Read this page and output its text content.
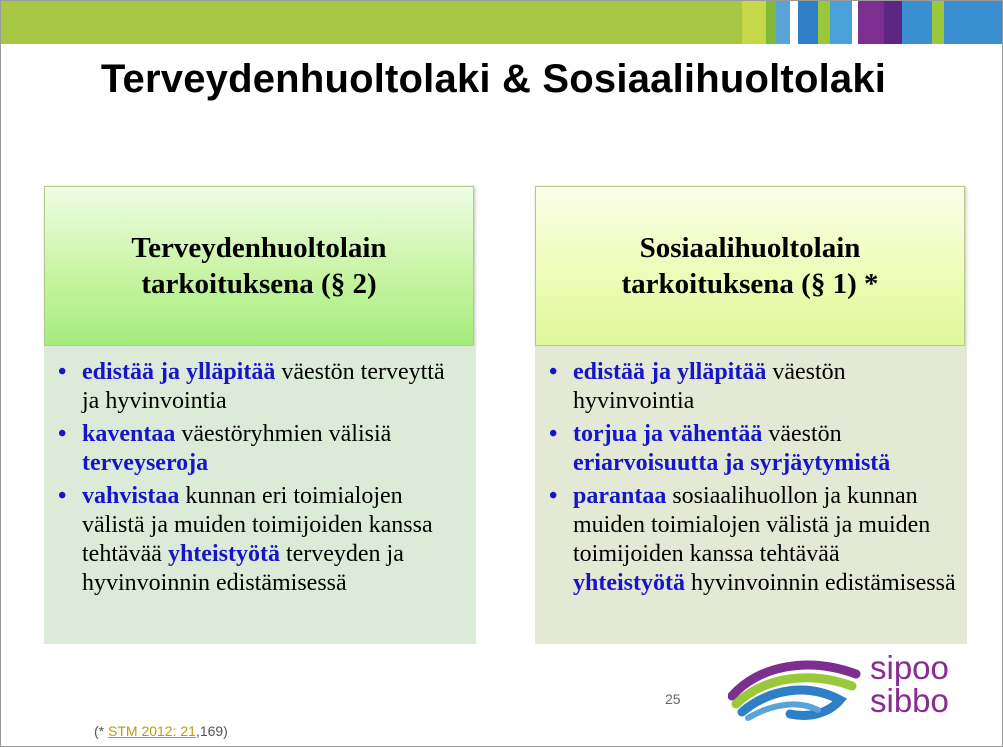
Terveydenhuoltolaki & Sosiaalihuoltolaki
Terveydenhuoltolain
tarkoituksena (§ 2)
• edistää ja ylläpitää väestön terveyttä ja hyvinvointia
• kaventaa väestöryhmien välisiä terveyseroja
• vahvistaa kunnan eri toimialojen välistä ja muiden toimijoiden kanssa tehtävää yhteistyötä terveyden ja hyvinvoinnin edistämisessä
Sosiaalihuoltolain
tarkoituksena (§ 1) *
• edistää ja ylläpitää väestön hyvinvointia
• torjua ja vähentää väestön eriarvoisuutta ja syrjäytymistä
• parantaa sosiaalihuollon ja kunnan muiden toimialojen välistä ja muiden toimijoiden kanssa tehtävää yhteistyötä hyvinvoinnin edistämisessä
25
(* STM 2012: 21,169)
sipoo
sibbo
